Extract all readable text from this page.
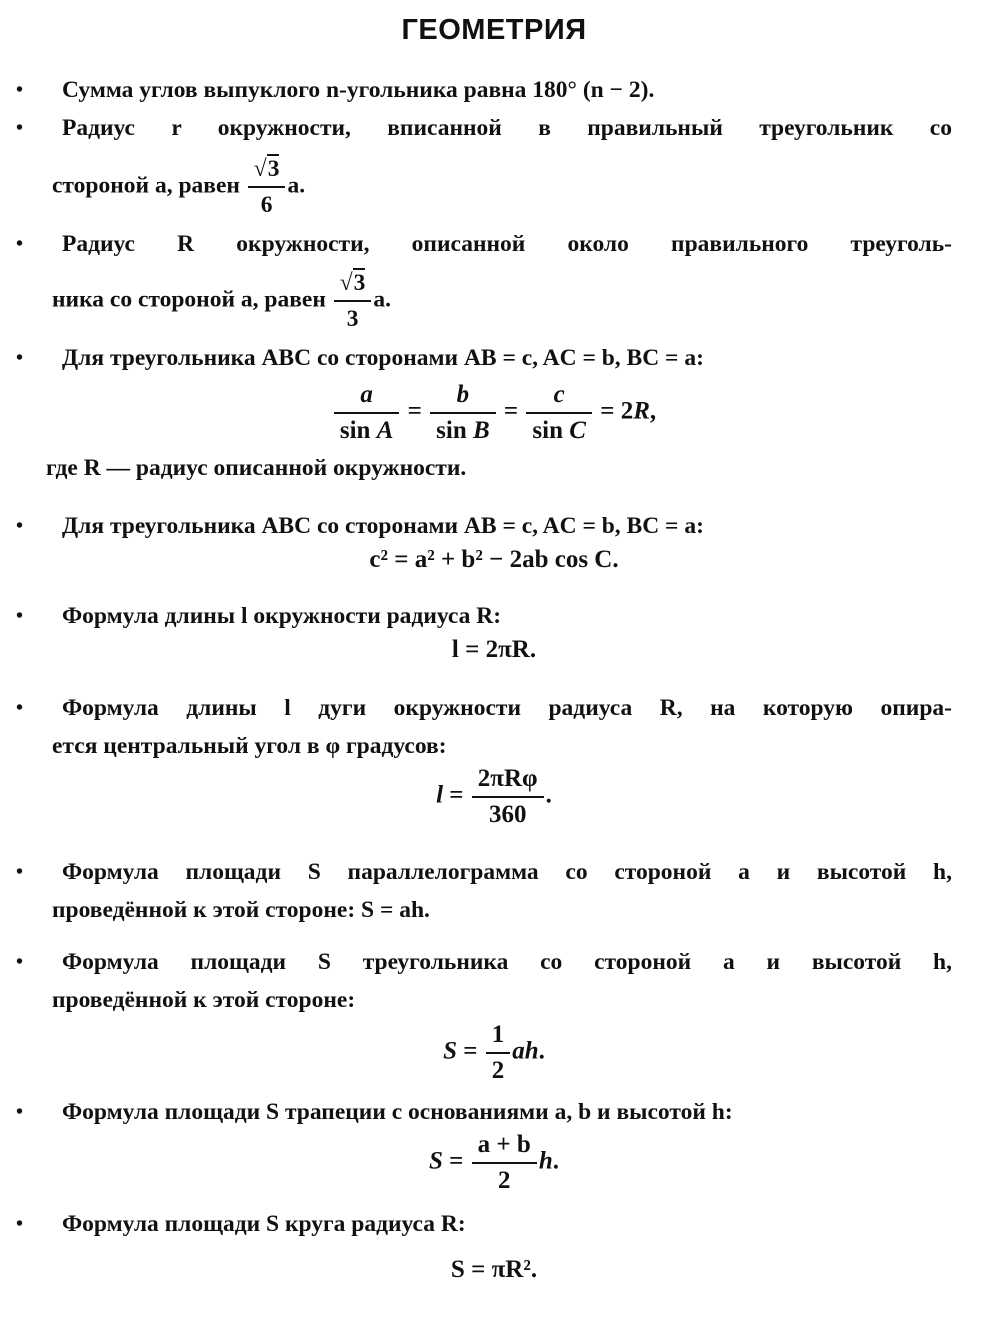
ГЕОМЕТРИЯ
• Сумма углов выпуклого n-угольника равна 180° (n − 2).
•	Радиус r окружности, вписанной в правильный треугольник со
стороной a, равен $\frac{√3}{6} a$.
•	Радиус R окружности, описанной около правильного треуголь-
ника со стороной a, равен $\frac{√3}{3} a$.
• Для треугольника ABC со сторонами AB = c, AC = b, BC = a:
$\frac{a}{\text{sin A}} = \frac{b}{\text{sin B}} = \frac{c}{\text{sin C}} = 2R$,
где R — радиус описанной окружности.
• Для треугольника ABC со сторонами AB = c, AC = b, BC = a:
c² = a² + b² − 2ab cos C.
• Формула длины l окружности радиуса R:
l = 2πR.
•	Формула длины l дуги окружности радиуса R, на которую опира-
ется центральный угол в φ градусов:
$l = \frac{\text{2πRφ}}{360}$ .
•	Формула площади S параллелограмма со стороной a и высотой h,
проведённой к этой стороне: S = ah.
•	Формула площади S треугольника со стороной a и высотой h,
проведённой к этой стороне:
$S = \frac{1}{2}$ ah.
• Формула площади S трапеции с основаниями a, b и высотой h:
$S = \frac{a + b}{2} h$.
• Формула площади S круга радиуса R:
S = πR².
